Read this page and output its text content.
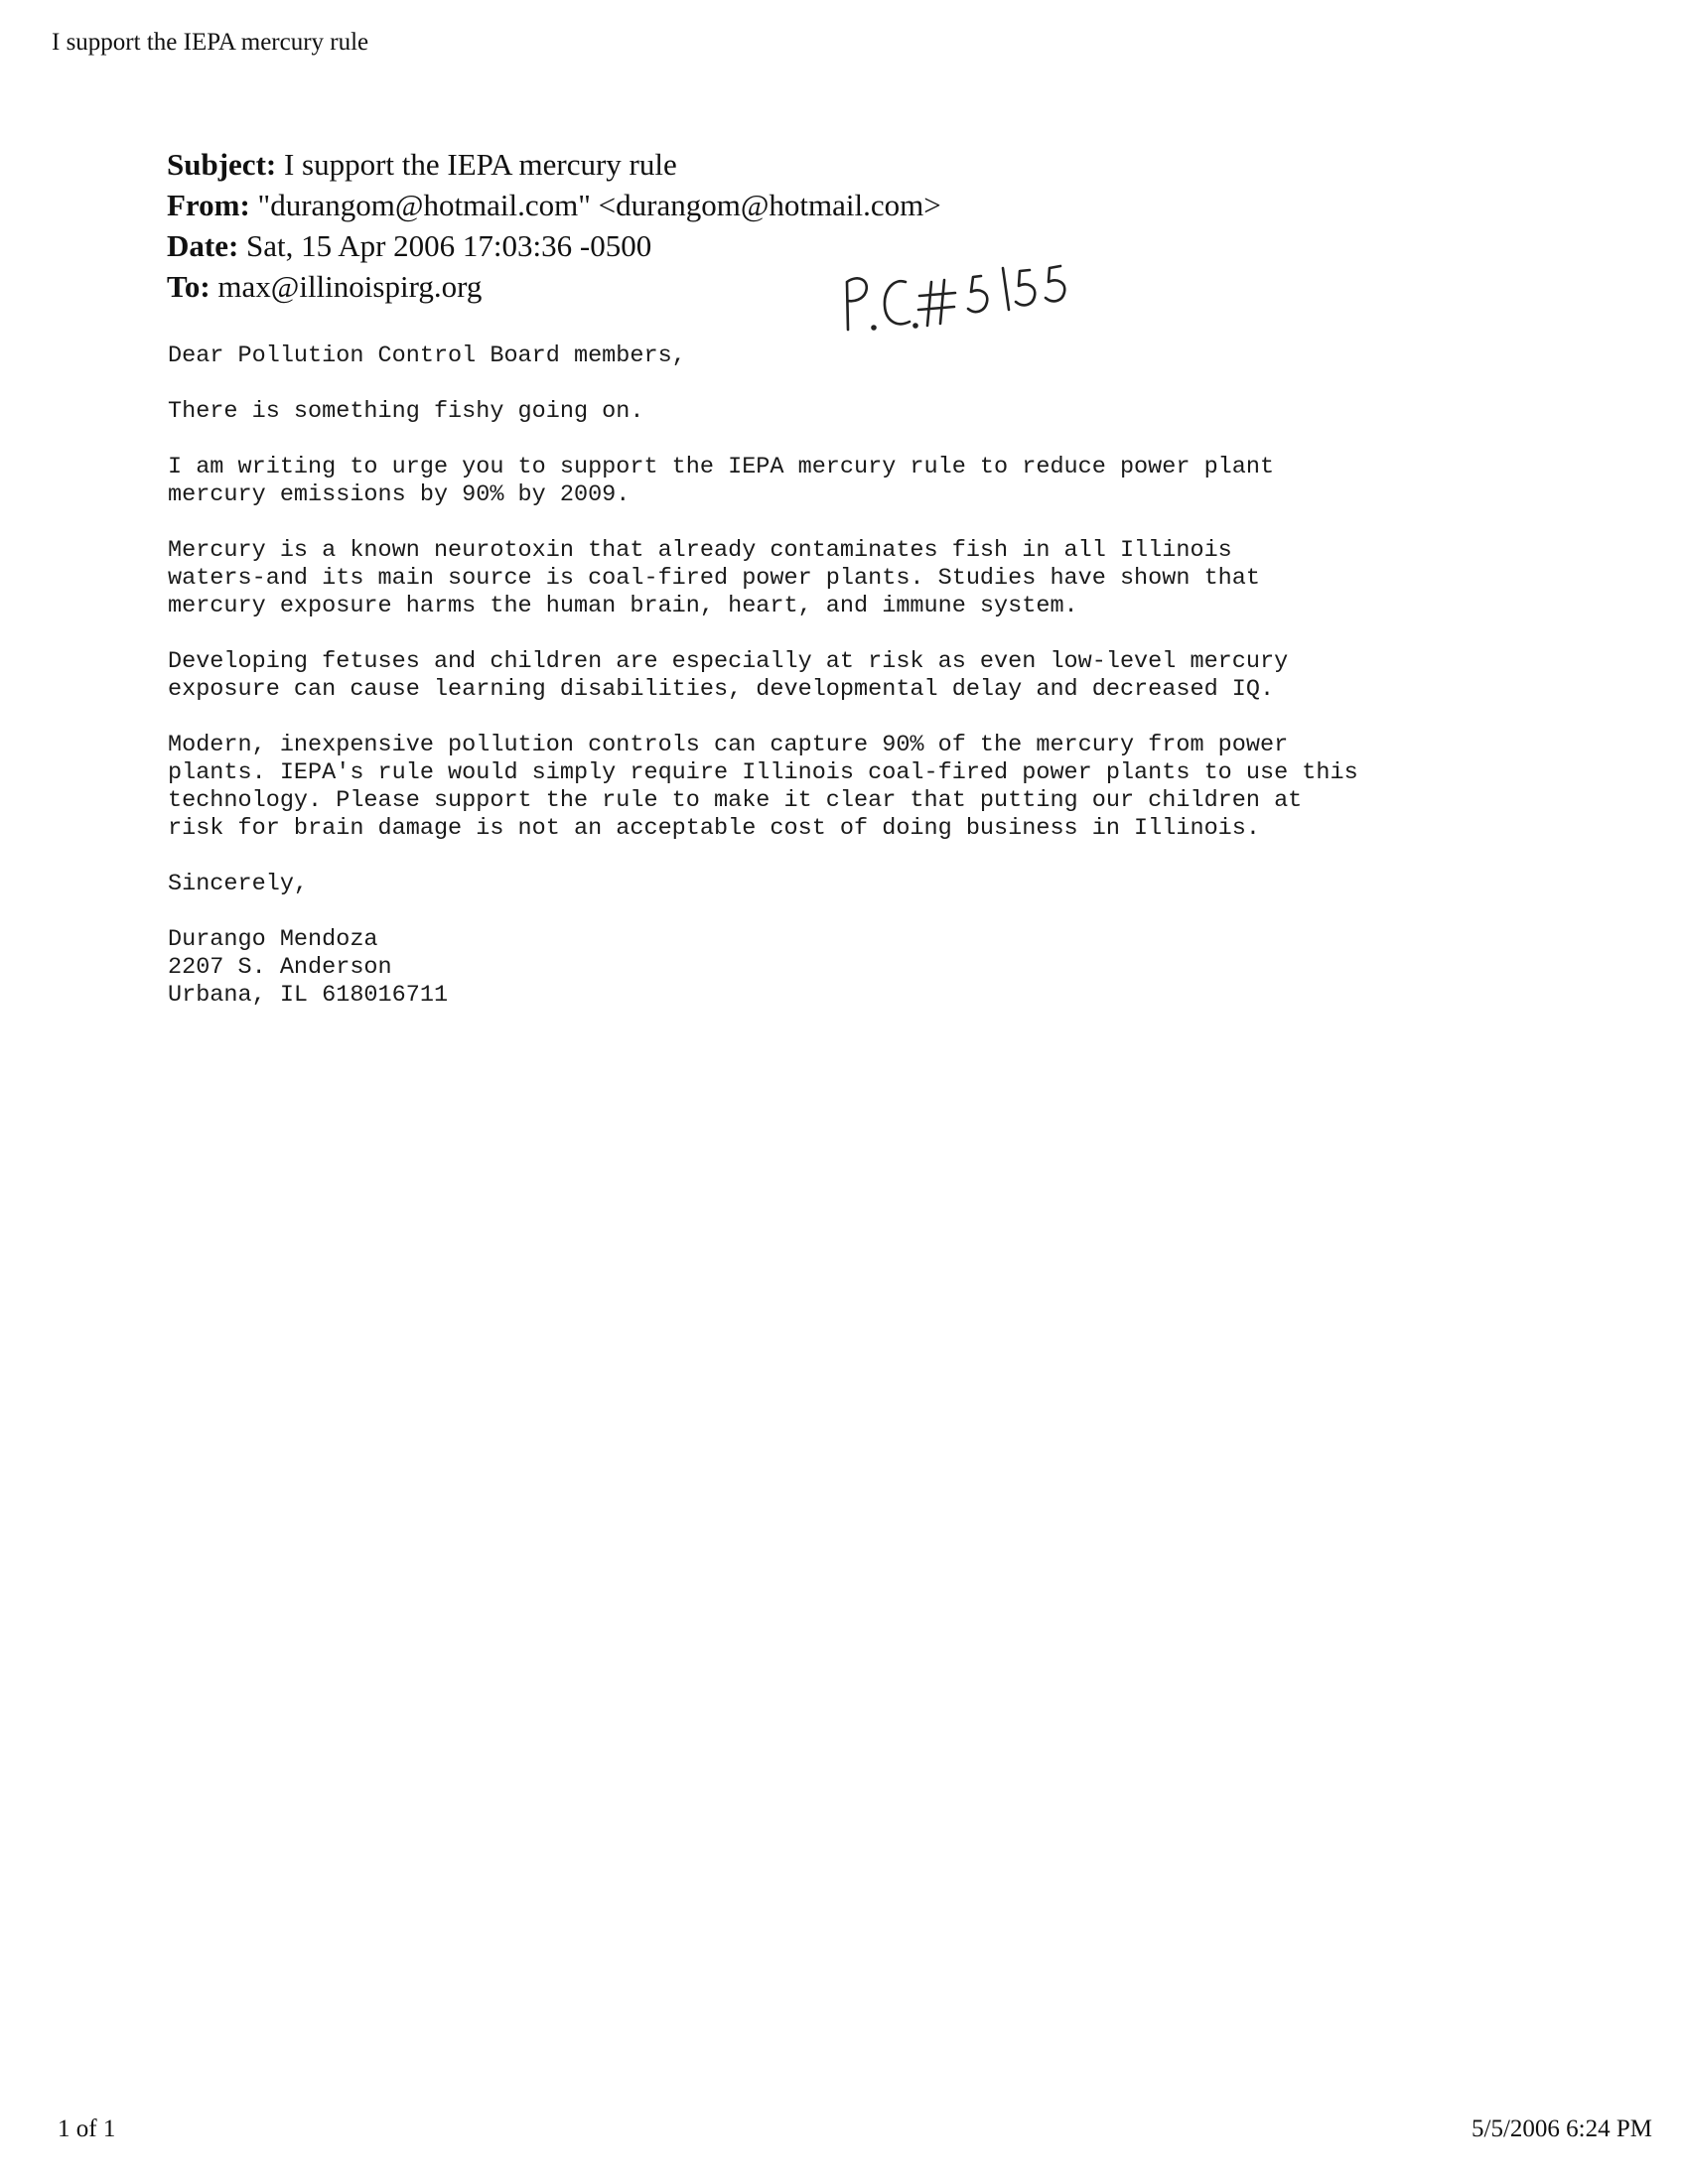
I support the IEPA mercury rule
Subject: I support the IEPA mercury rule
From: "durangom@hotmail.com" <durangom@hotmail.com>
Date: Sat, 15 Apr 2006 17:03:36 -0500
To: max@illinoispirg.org

Dear Pollution Control Board members,

There is something fishy going on.

I am writing to urge you to support the IEPA mercury rule to reduce power plant
mercury emissions by 90% by 2009.

Mercury is a known neurotoxin that already contaminates fish in all Illinois
waters-and its main source is coal-fired power plants. Studies have shown that
mercury exposure harms the human brain, heart, and immune system.

Developing fetuses and children are especially at risk as even low-level mercury
exposure can cause learning disabilities, developmental delay and decreased IQ.

Modern, inexpensive pollution controls can capture 90% of the mercury from power
plants. IEPA's rule would simply require Illinois coal-fired power plants to use this
technology. Please support the rule to make it clear that putting our children at
risk for brain damage is not an acceptable cost of doing business in Illinois.

Sincerely,

Durango Mendoza

2207 S. Anderson

Urbana, IL 618016711

1 of 1	5/5/2006 6:24 PM
